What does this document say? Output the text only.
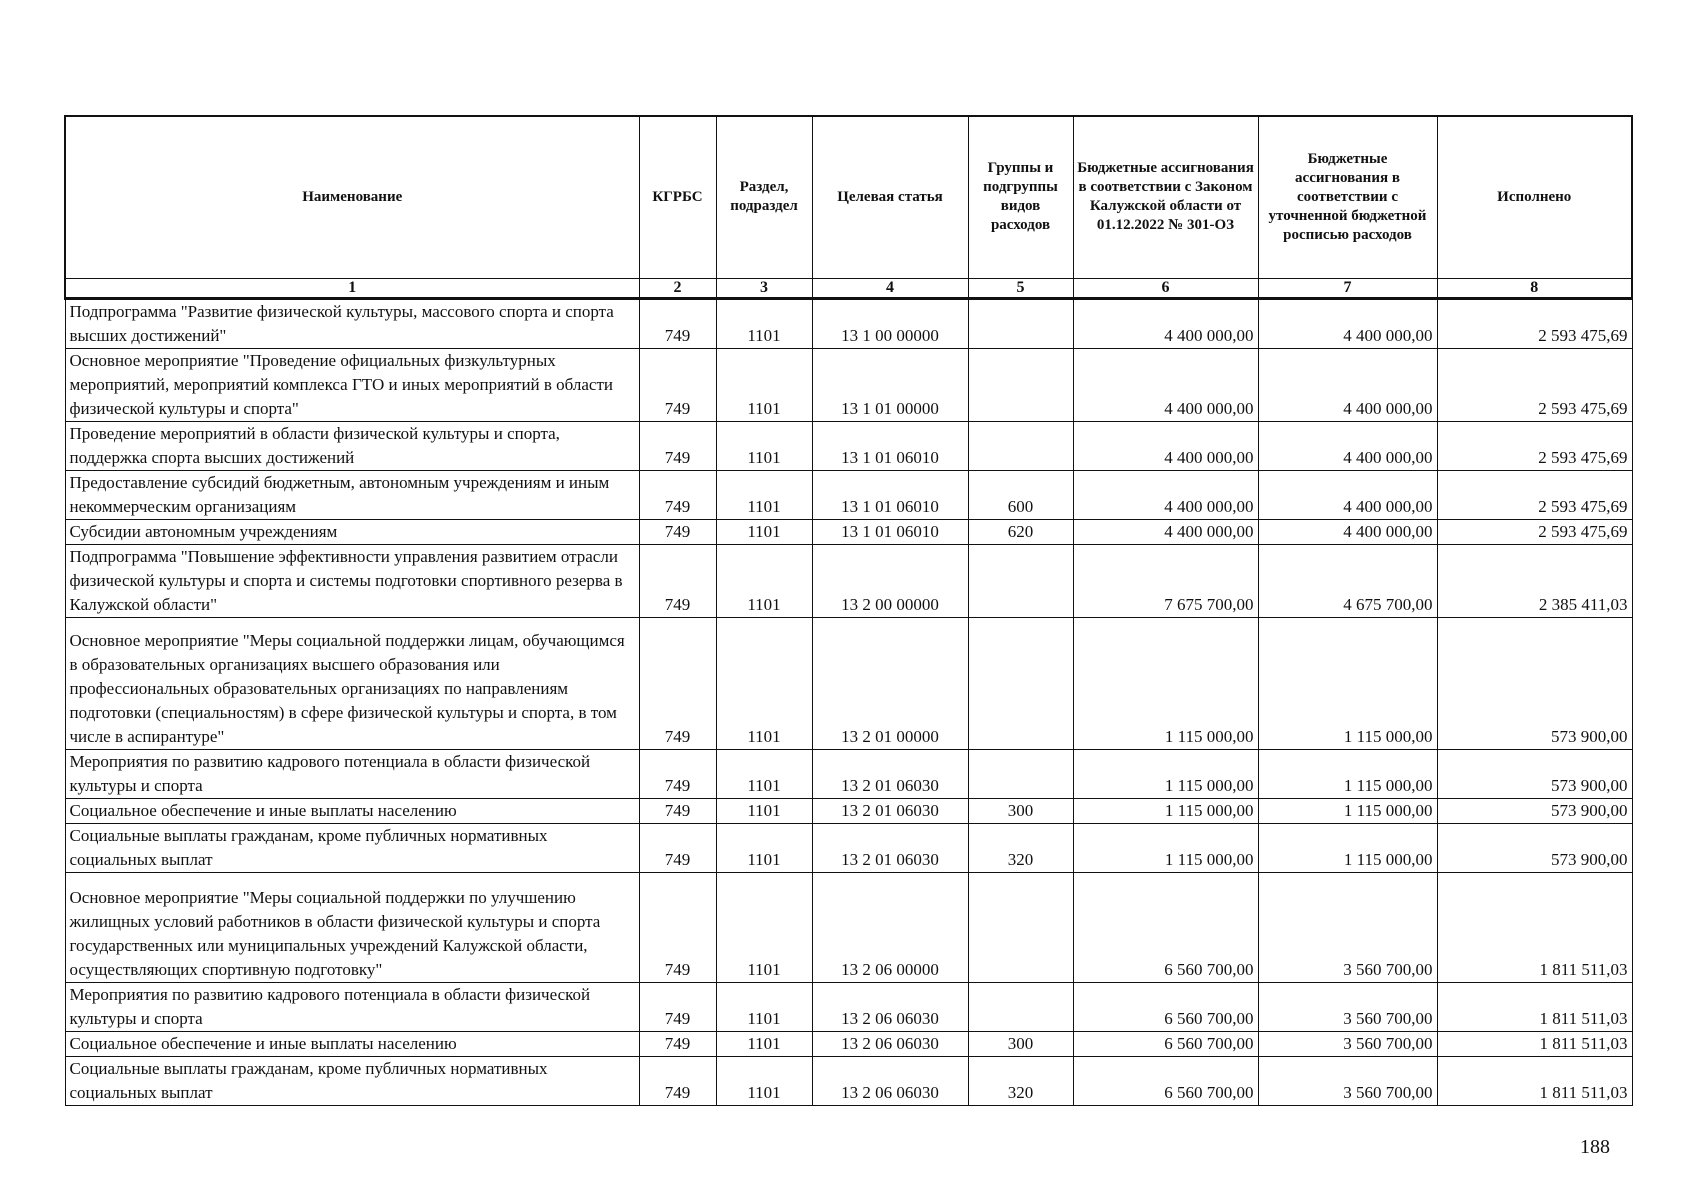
Наименование	КГРБС	Раздел, подраздел	Целевая статья	Группы и подгруппы видов расходов	Бюджетные ассигнования в соответствии с Законом Калужской области от 01.12.2022 № 301-ОЗ	Бюджетные ассигнования в соответствии с уточненной бюджетной росписью расходов	Исполнено
1	2	3	4	5	6	7	8
Подпрограмма "Развитие физической культуры, массового спорта и спорта высших достижений"	749	1101	13 1 00 00000		4 400 000,00	4 400 000,00	2 593 475,69
Основное мероприятие "Проведение официальных физкультурных мероприятий, мероприятий комплекса ГТО и иных мероприятий в области физической культуры и спорта"	749	1101	13 1 01 00000		4 400 000,00	4 400 000,00	2 593 475,69
Проведение мероприятий в области физической культуры и спорта, поддержка спорта высших достижений	749	1101	13 1 01 06010		4 400 000,00	4 400 000,00	2 593 475,69
Предоставление субсидий бюджетным, автономным учреждениям и иным некоммерческим организациям	749	1101	13 1 01 06010	600	4 400 000,00	4 400 000,00	2 593 475,69
Субсидии автономным учреждениям	749	1101	13 1 01 06010	620	4 400 000,00	4 400 000,00	2 593 475,69
Подпрограмма "Повышение эффективности управления развитием отрасли физической культуры и спорта и системы подготовки спортивного резерва в Калужской области"	749	1101	13 2 00 00000		7 675 700,00	4 675 700,00	2 385 411,03
Основное мероприятие "Меры социальной поддержки лицам, обучающимся в образовательных организациях высшего образования или профессиональных образовательных организациях по направлениям подготовки (специальностям) в сфере физической культуры и спорта, в том числе в аспирантуре"	749	1101	13 2 01 00000		1 115 000,00	1 115 000,00	573 900,00
Мероприятия по развитию кадрового потенциала в области физической культуры и спорта	749	1101	13 2 01 06030		1 115 000,00	1 115 000,00	573 900,00
Социальное обеспечение и иные выплаты населению	749	1101	13 2 01 06030	300	1 115 000,00	1 115 000,00	573 900,00
Социальные выплаты гражданам, кроме публичных нормативных социальных выплат	749	1101	13 2 01 06030	320	1 115 000,00	1 115 000,00	573 900,00
Основное мероприятие "Меры социальной поддержки по улучшению жилищных условий работников в области физической культуры и спорта государственных или муниципальных учреждений Калужской области, осуществляющих спортивную подготовку"	749	1101	13 2 06 00000		6 560 700,00	3 560 700,00	1 811 511,03
Мероприятия по развитию кадрового потенциала в области физической культуры и спорта	749	1101	13 2 06 06030		6 560 700,00	3 560 700,00	1 811 511,03
Социальное обеспечение и иные выплаты населению	749	1101	13 2 06 06030	300	6 560 700,00	3 560 700,00	1 811 511,03
Социальные выплаты гражданам, кроме публичных нормативных социальных выплат	749	1101	13 2 06 06030	320	6 560 700,00	3 560 700,00	1 811 511,03
188
